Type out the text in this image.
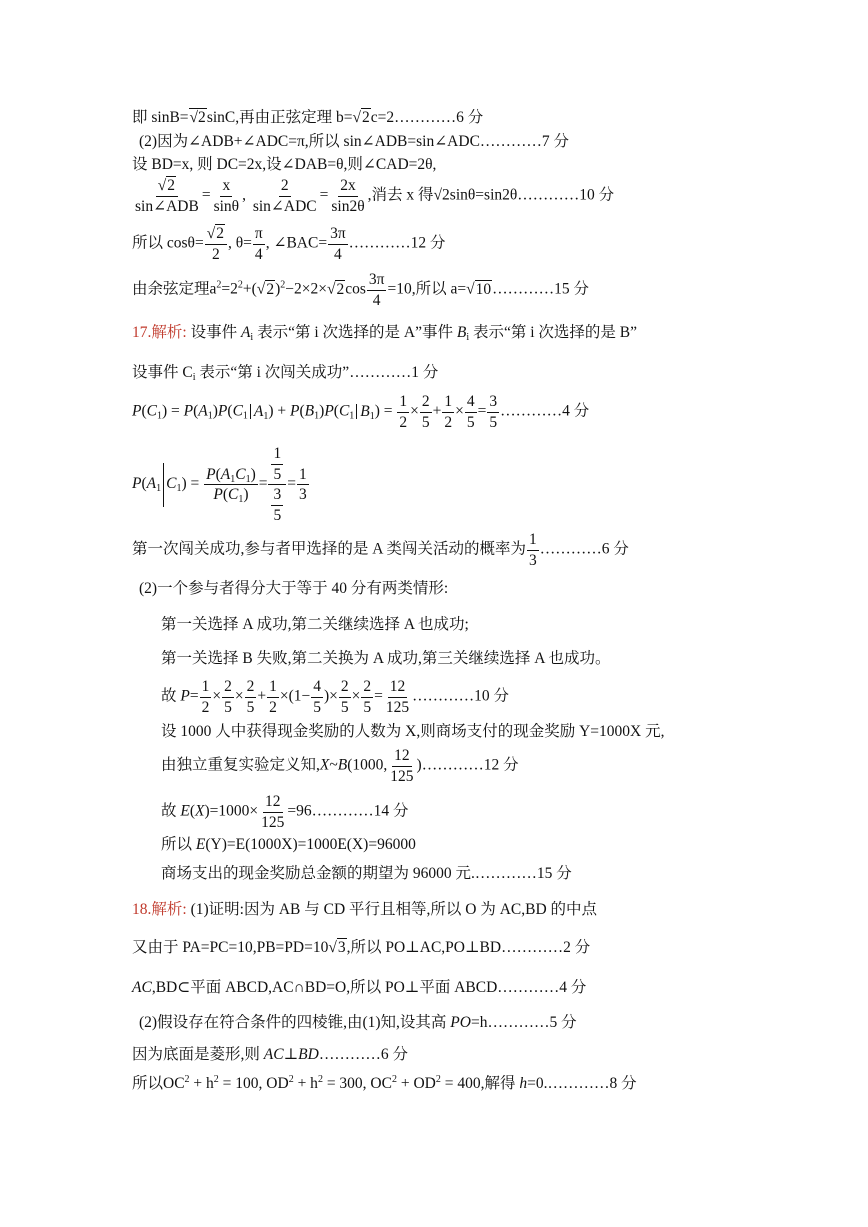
即 sinB=√2sinC,再由正弦定理 b=√2c=2…………6 分
(2)因为∠ADB+∠ADC=π,所以 sin∠ADB=sin∠ADC…………7 分
设 BD=x, 则 DC=2x,设∠DAB=θ,则∠CAD=2θ,
$\frac{√2}{\text{sin∠ADB}} = \frac{x}{\sin\theta}$ , $\frac{2}{\text{sin∠ADC}} = \frac{2x}{\sin 2\theta}$ ,消去 x 得√2sinθ=sin2θ…………10 分
所以 $\cos\theta= \frac{√2}{2}$ , $\theta= \frac{\pi}{4}$ , ∠BAC= $\frac{3\pi}{4}$ …………12 分
由余弦定理$a^2=2^2+(√2)^2-2\times 2\times√2\cos \frac{3\pi}{4} =10$,所以 a=√10…………15 分
17.解析: 设事件 $A_i$ 表示“第 i 次选择的是 A”事件 $B_i$ 表示“第 i 次选择的是 B”
设事件 $C_i$ 表示“第 i 次闯关成功”…………1 分
$P(C_1) = P(A_1)P(C_1$ $A_1) + P(B_1)P(C_1$ $B_1) = \frac{1}{2} \times \frac{2}{5} + \frac{1}{2} \times \frac{4}{5} = \frac{3}{5}$ …………4 分
$P(A_1$ $C_1) = \frac{P(A_1C_1)}{P(C_1)} = \frac{\frac{1}{5}}{\frac{3}{5}} = \frac{1}{3}$
第一次闯关成功,参与者甲选择的是 A 类闯关活动的概率为 $\frac{1}{3}$ …………6 分
(2)一个参与者得分大于等于 40 分有两类情形:
第一关选择 A 成功,第二关继续选择 A 也成功;
第一关选择 B 失败,第二关换为 A 成功,第三关继续选择 A 也成功。
故 $P= \frac{1}{2} \times \frac{2}{5} \times \frac{2}{5} + \frac{1}{2} \times(1- \frac{4}{5}$ )× $\frac{2}{5} \times \frac{2}{5} = \frac{12}{125}$ …………10 分
设 1000 人中获得现金奖励的人数为 X,则商场支付的现金奖励 Y=1000X 元,
由独立重复实验定义知,X~B(1000, $\frac{12}{125}$ )…………12 分
故 $E(X)=1000\times \frac{12}{125}$ =96…………14 分
所以 E(Y)=E(1000X)=1000E(X)=96000
商场支出的现金奖励总金额的期望为 96000 元.…………15 分
18.解析: (1)证明:因为 AB 与 CD 平行且相等,所以 O 为 AC,BD 的中点
又由于 PA=PC=10,PB=PD=10√3,所以 PO⊥AC,PO⊥BD…………2 分
AC,BD⊂平面 ABCD,AC∩BD=O,所以 PO⊥平面 ABCD…………4 分
(2)假设存在符合条件的四棱锥,由(1)知,设其高 PO=h…………5 分
因为底面是菱形,则 AC⊥BD…………6 分
所以$OC^2 + h^2 = 100$, $OD^2 + h^2 = 300$, $OC^2 + OD^2 = 400$,解得 h=0.…………8 分
